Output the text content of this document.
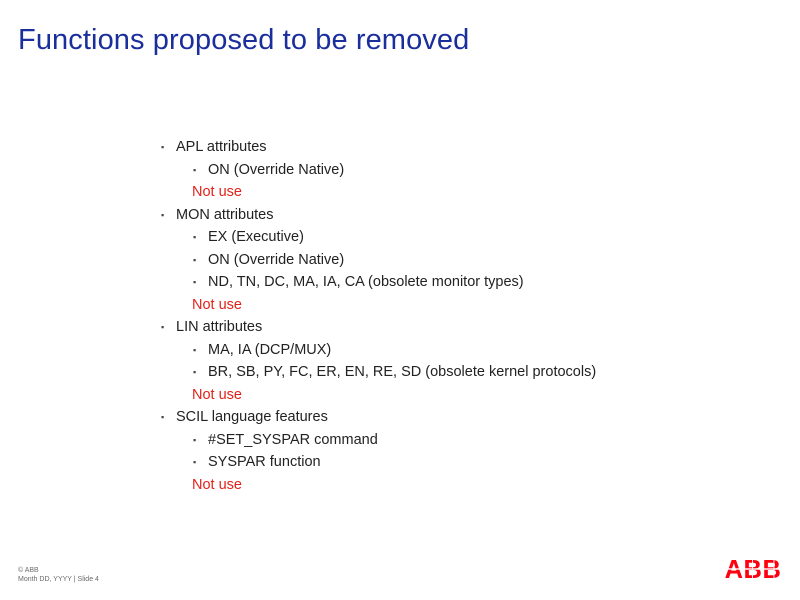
Functions proposed to be removed
▪ APL attributes
▪ ON (Override Native)
Not use
▪ MON attributes
▪ EX (Executive)
▪ ON (Override Native)
▪ ND, TN, DC, MA, IA, CA (obsolete monitor types)
Not use
▪ LIN attributes
▪ MA, IA (DCP/MUX)
▪ BR, SB, PY, FC, ER, EN, RE, SD (obsolete kernel protocols)
Not use
▪ SCIL language features
▪ #SET_SYSPAR command
▪ SYSPAR function
Not use
© ABB
Month DD, YYYY | Slide 4
